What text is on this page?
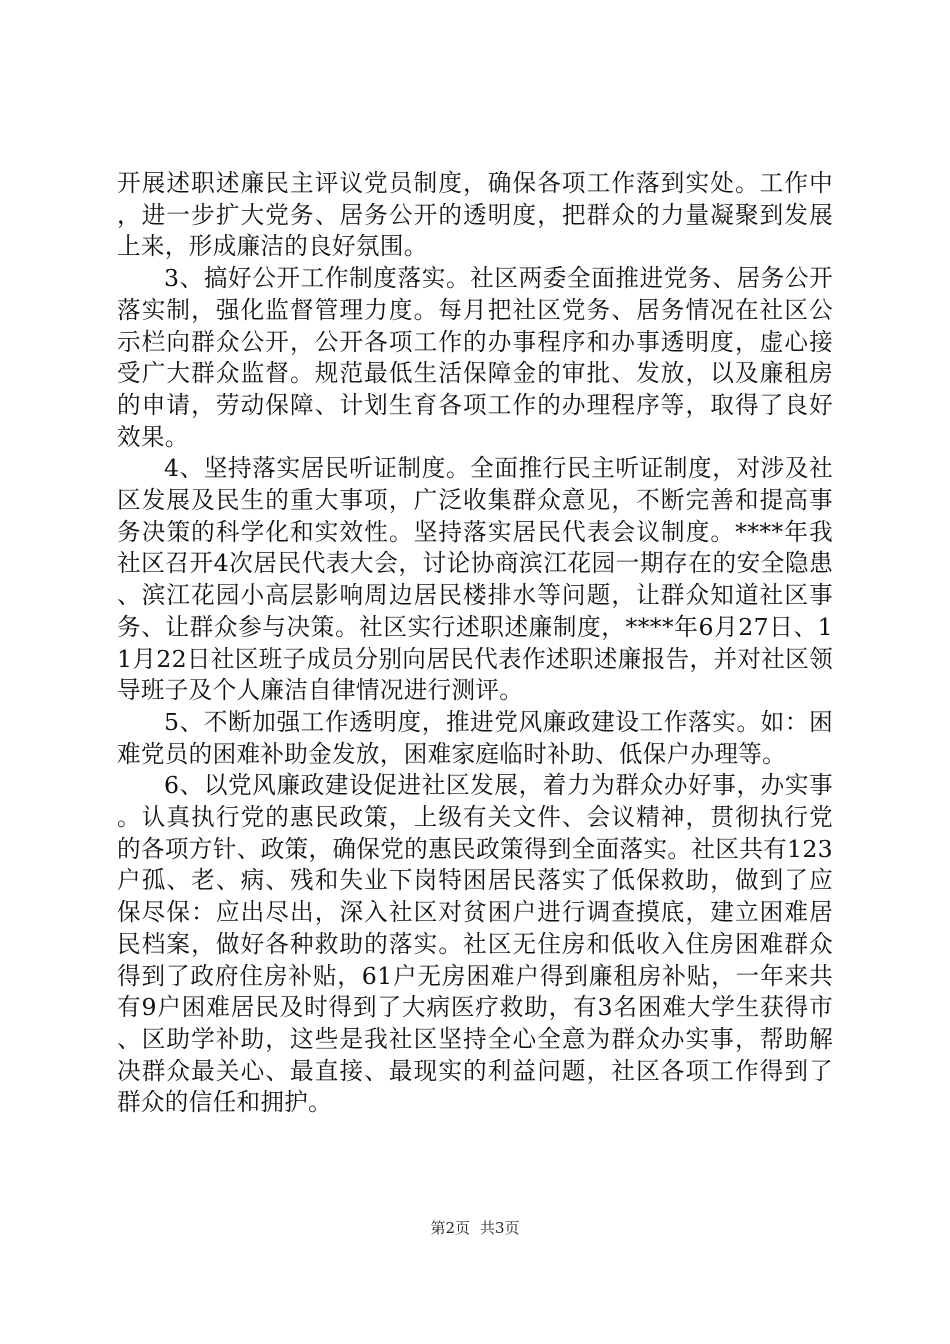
开展述职述廉民主评议党员制度，确保各项工作落到实处。工作中，进一步扩大党务、居务公开的透明度，把群众的力量凝聚到发展上来，形成廉洁的良好氛围。

3、搞好公开工作制度落实。社区两委全面推进党务、居务公开落实制，强化监督管理力度。每月把社区党务、居务情况在社区公示栏向群众公开，公开各项工作的办事程序和办事透明度，虚心接受广大群众监督。规范最低生活保障金的审批、发放，以及廉租房的申请，劳动保障、计划生育各项工作的办理程序等，取得了良好效果。

4、坚持落实居民听证制度。全面推行民主听证制度，对涉及社区发展及民生的重大事项，广泛收集群众意见，不断完善和提高事务决策的科学化和实效性。坚持落实居民代表会议制度。****年我社区召开4次居民代表大会，讨论协商滨江花园一期存在的安全隐患、滨江花园小高层影响周边居民楼排水等问题，让群众知道社区事务、让群众参与决策。社区实行述职述廉制度，****年6月27日、11月22日社区班子成员分别向居民代表作述职述廉报告，并对社区领导班子及个人廉洁自律情况进行测评。

5、不断加强工作透明度，推进党风廉政建设工作落实。如：困难党员的困难补助金发放，困难家庭临时补助、低保户办理等。

6、以党风廉政建设促进社区发展，着力为群众办好事，办实事。认真执行党的惠民政策，上级有关文件、会议精神，贯彻执行党的各项方针、政策，确保党的惠民政策得到全面落实。社区共有123户孤、老、病、残和失业下岗特困居民落实了低保救助，做到了应保尽保：应出尽出，深入社区对贫困户进行调查摸底，建立困难居民档案，做好各种救助的落实。社区无住房和低收入住房困难群众得到了政府住房补贴，61户无房困难户得到廉租房补贴，一年来共有9户困难居民及时得到了大病医疗救助，有3名困难大学生获得市、区助学补助，这些是我社区坚持全心全意为群众办实事，帮助解决群众最关心、最直接、最现实的利益问题，社区各项工作得到了群众的信任和拥护。

第2页 共3页
